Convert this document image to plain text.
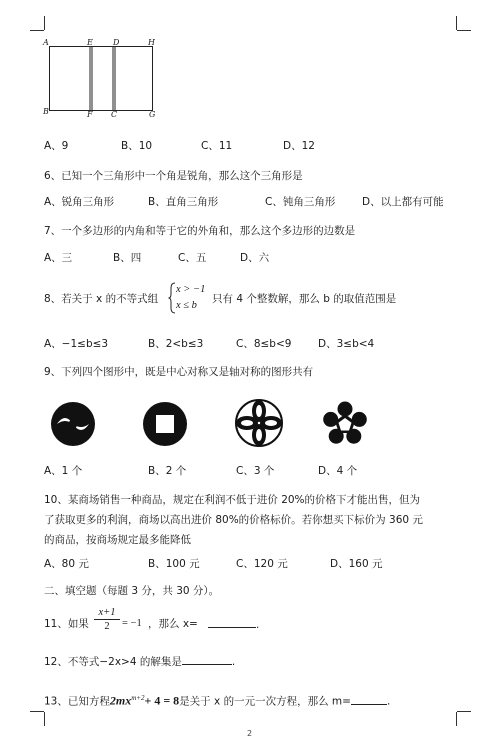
A	E	D	H
B	F C	G
A、9	B、10	C、11	D、12
6、已知一个三角形中一个角是锐角，那么这个三角形是
A、锐角三角形	B、直角三角形	C、钝角三角形	D、以上都有可能
7、一个多边形的内角和等于它的外角和，那么这个多边形的边数是
A、三	B、四	C、五	D、六
8、若关于 x 的不等式组
x > −1
x ≤ b
只有 4 个整数解，那么 b 的取值范围是
A、−1≤b≤3	B、2<b≤3	C、8≤b<9	D、3≤b<4
9、下列四个图形中，既是中心对称又是轴对称的图形共有
A、1 个	B、2 个	C、3 个	D、4 个
10、某商场销售一种商品，规定在利润不低于进价 20%的价格下才能出售，但为
了获取更多的利润，商场以高出进价 80%的价格标价。若你想买下标价为 360 元
的商品，按商场规定最多能降低
A、80 元	B、100 元	C、120 元	D、160 元
二、填空题（每题 3 分，共 30 分）。
11、如果
x+1
2	= −1 ，那么 x=	.
12、不等式−2x>4 的解集是	.
13、已知方程$2mx^{m+2}+ 4 = 8$是关于 x 的一元一次方程，那么 m=	.
2
